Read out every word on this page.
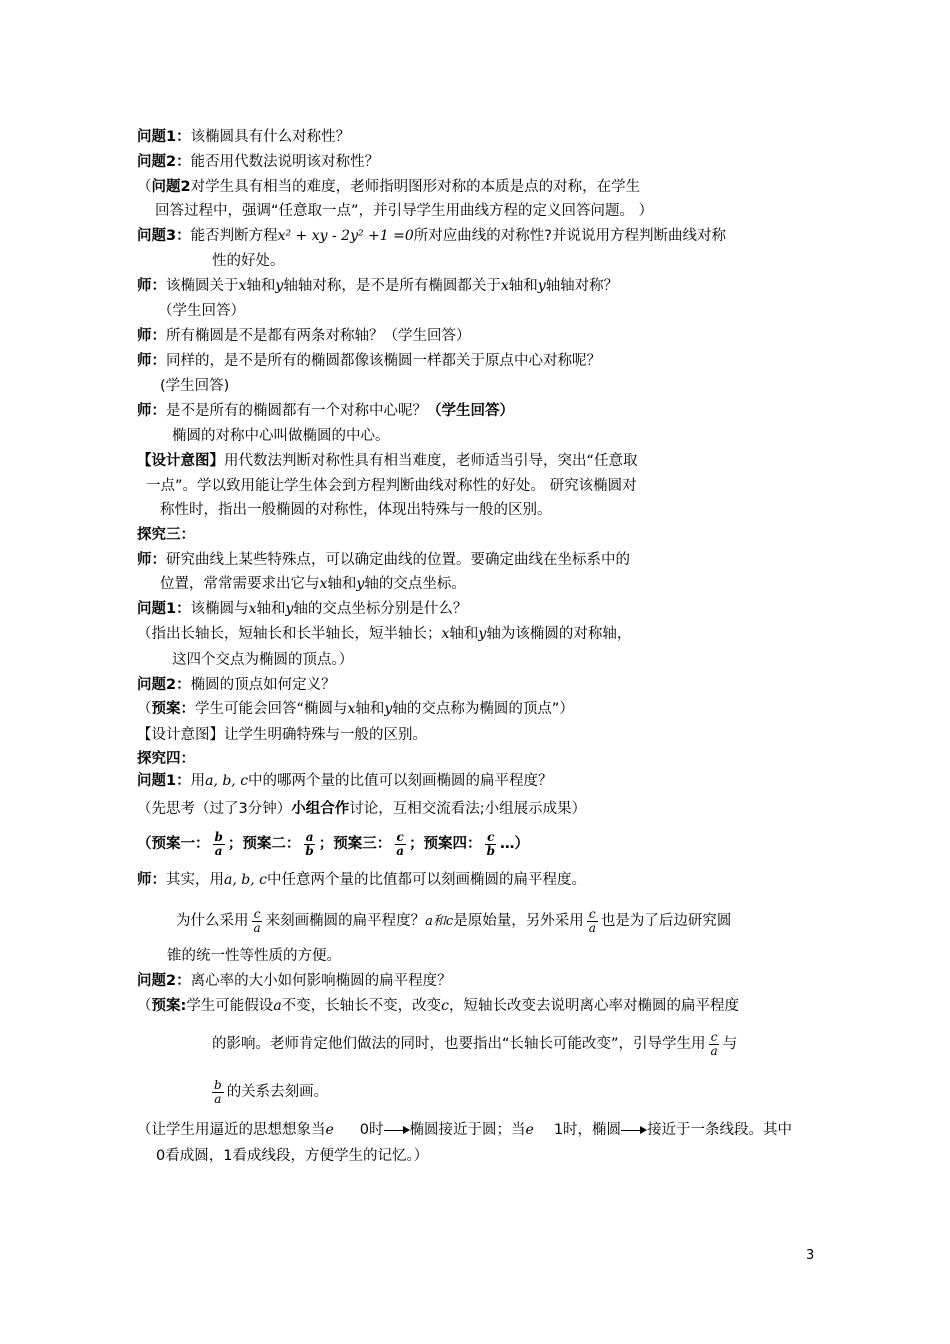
问题1：该椭圆具有什么对称性？
问题2：能否用代数法说明该对称性？
（问题2对学生具有相当的难度，老师指明图形对称的本质是点的对称，在学生
回答过程中，强调“任意取一点”，并引导学生用曲线方程的定义回答问题。 ）
问题3：能否判断方程x² + xy - 2y² +1 =0所对应曲线的对称性?并说说用方程判断曲线对称
性的好处。
师：该椭圆关于x轴和y轴轴对称，是不是所有椭圆都关于x轴和y轴轴对称？
（学生回答）
师：所有椭圆是不是都有两条对称轴？（学生回答）
师：同样的，是不是所有的椭圆都像该椭圆一样都关于原点中心对称呢？
(学生回答)
师：是不是所有的椭圆都有一个对称中心呢？（学生回答）
椭圆的对称中心叫做椭圆的中心。
【设计意图】用代数法判断对称性具有相当难度，老师适当引导，突出“任意取
一点”。学以致用能让学生体会到方程判断曲线对称性的好处。 研究该椭圆对
称性时，指出一般椭圆的对称性，体现出特殊与一般的区别。
探究三：
师：研究曲线上某些特殊点，可以确定曲线的位置。要确定曲线在坐标系中的
位置，常常需要求出它与x轴和y轴的交点坐标。
问题1：该椭圆与x轴和y轴的交点坐标分别是什么？
（指出长轴长，短轴长和长半轴长，短半轴长；x轴和y轴为该椭圆的对称轴，
这四个交点为椭圆的顶点。）
问题2：椭圆的顶点如何定义？
（预案：学生可能会回答“椭圆与x轴和y轴的交点称为椭圆的顶点”）
【设计意图】让学生明确特殊与一般的区别。
探究四：
问题1：用a, b, c中的哪两个量的比值可以刻画椭圆的扁平程度？
（先思考（过了3分钟）小组合作讨论，互相交流看法;小组展示成果）
（预案一： $\frac{b}{a}$ ；预案二： $\frac{a}{b}$ ；预案三： $\frac{c}{a}$ ；预案四： $\frac{c}{b}$ …）
师：其实，用a, b, c中任意两个量的比值都可以刻画椭圆的扁平程度。
为什么采用 $\frac{c}{a}$ 来刻画椭圆的扁平程度？a和c是原始量，另外采用 $\frac{c}{a}$ 也是为了后边研究圆
锥的统一性等性质的方便。
问题2：离心率的大小如何影响椭圆的扁平程度？
（预案:学生可能假设a不变，长轴长不变，改变c，短轴长改变去说明离心率对椭圆的扁平程度
的影响。老师肯定他们做法的同时，也要指出“长轴长可能改变”，引导学生用 $\frac{c}{a}$ 与
$\frac{b}{a}$ 的关系去刻画。
（让学生用逼近的思想想象当e 0时 椭圆接近于圆；当e 1时，椭圆 接近于一条线段。其中
0看成圆，1看成线段，方便学生的记忆。）
3
